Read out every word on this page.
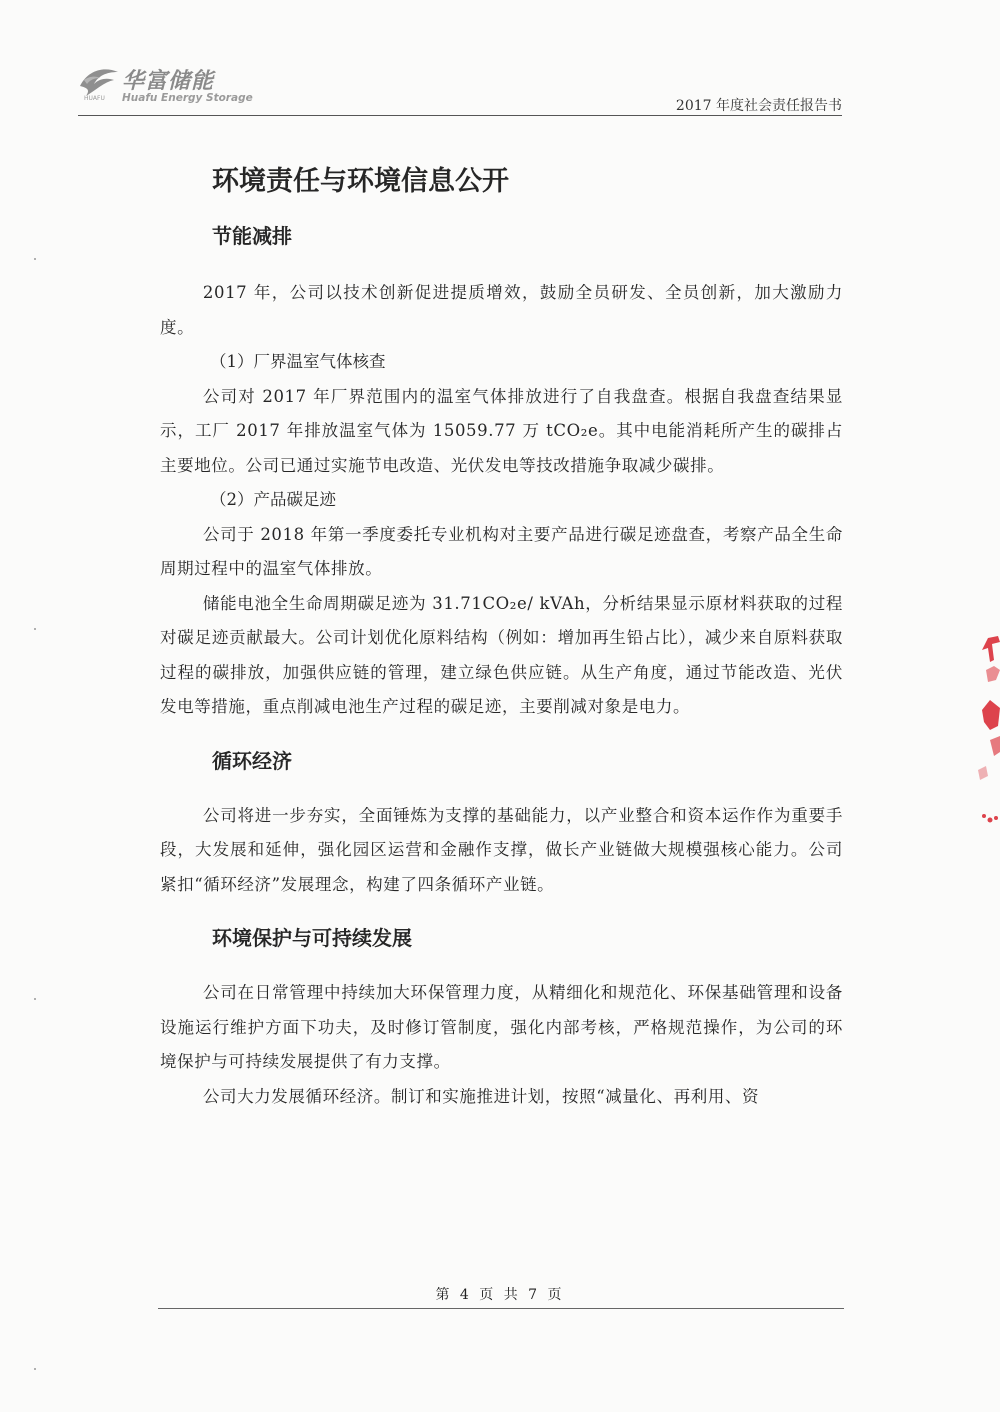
华富储能
Huafu Energy Storage
HUAFU	2017 年度社会责任报告书
环境责任与环境信息公开
节能减排

2017 年，公司以技术创新促进提质增效，鼓励全员研发、全员创新，加大激励力度。

（1）厂界温室气体核查

公司对 2017 年厂界范围内的温室气体排放进行了自我盘查。根据自我盘查结果显示，工厂 2017 年排放温室气体为 15059.77 万 tCO₂e。其中电能消耗所产生的碳排占主要地位。公司已通过实施节电改造、光伏发电等技改措施争取减少碳排。

（2）产品碳足迹

公司于 2018 年第一季度委托专业机构对主要产品进行碳足迹盘查，考察产品全生命周期过程中的温室气体排放。

储能电池全生命周期碳足迹为 31.71CO₂e/ kVAh，分析结果显示原材料获取的过程对碳足迹贡献最大。公司计划优化原料结构（例如：增加再生铅占比），减少来自原料获取过程的碳排放，加强供应链的管理，建立绿色供应链。从生产角度，通过节能改造、光伏发电等措施，重点削减电池生产过程的碳足迹，主要削减对象是电力。

循环经济

公司将进一步夯实，全面锤炼为支撑的基础能力，以产业整合和资本运作作为重要手段，大发展和延伸，强化园区运营和金融作支撑，做长产业链做大规模强核心能力。公司紧扣“循环经济”发展理念，构建了四条循环产业链。

环境保护与可持续发展

公司在日常管理中持续加大环保管理力度，从精细化和规范化、环保基础管理和设备设施运行维护方面下功夫，及时修订管制度，强化内部考核，严格规范操作，为公司的环境保护与可持续发展提供了有力支撑。

公司大力发展循环经济。制订和实施推进计划，按照“减量化、再利用、资

第 4 页 共 7 页
